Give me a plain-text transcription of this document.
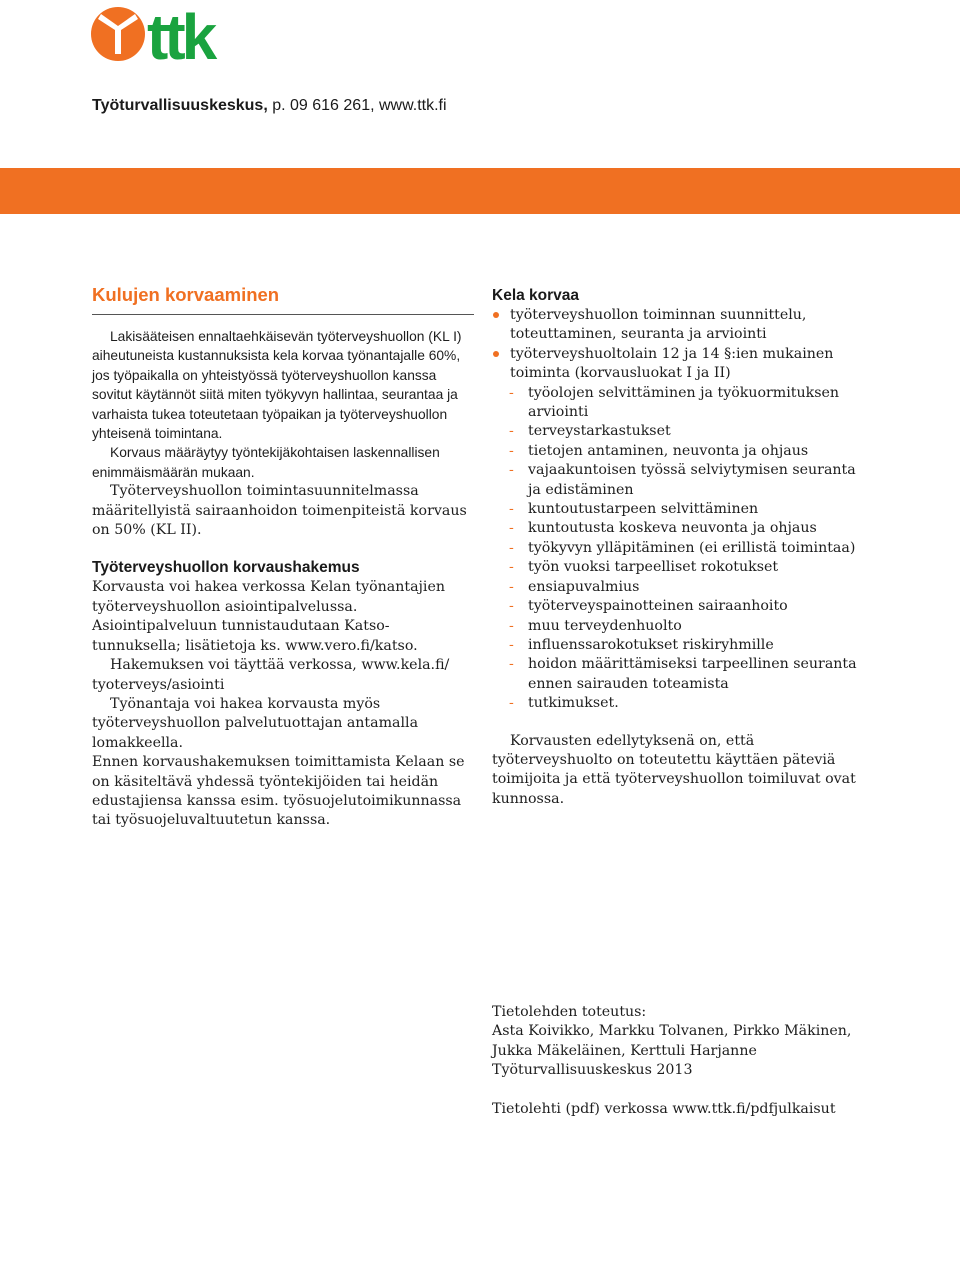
ttk
Työturvallisuuskeskus, p. 09 616 261, www.ttk.fi
Kulujen korvaaminen

Lakisääteisen ennaltaehkäisevän työterveyshuollon (KL I) aiheutuneista kustannuksista kela korvaa työnantajalle 60%, jos työpaikalla on yhteistyössä työterveyshuollon kanssa sovitut käytännöt siitä miten työkyvyn hallintaa, seurantaa ja varhaista tukea toteutetaan työpaikan ja työterveyshuollon yhteisenä toimintana.

Korvaus määräytyy työntekijäkohtaisen laskennallisen enimmäismäärän mukaan.

Työterveyshuollon toimintasuunnitelmassa määritellyistä sairaanhoidon toimenpiteistä korvaus on 50% (KL II).

Työterveyshuollon korvaushakemus

Korvausta voi hakea verkossa Kelan työnantajien työterveyshuollon asiointipalvelussa. Asiointipalveluun tunnistaudutaan Katso-tunnuksella; lisätietoja ks. www.vero.fi/katso.

Hakemuksen voi täyttää verkossa, www.kela.fi/ tyoterveys/asiointi

Työnantaja voi hakea korvausta myös työterveyshuollon palvelutuottajan antamalla lomakkeella.

Ennen korvaushakemuksen toimittamista Kelaan se on käsiteltävä yhdessä työntekijöiden tai heidän edustajiensa kanssa esim. työsuojelutoimikunnassa tai työsuojeluvaltuutetun kanssa.

Kela korvaa
työterveyshuollon toiminnan suunnittelu, toteuttaminen, seuranta ja arviointi
työterveyshuoltolain 12 ja 14 §:ien mukainen toiminta (korvausluokat I ja II)
- työolojen selvittäminen ja työkuormituksen arviointi
- terveystarkastukset
- tietojen antaminen, neuvonta ja ohjaus
- vajaakuntoisen työssä selviytymisen seuranta ja edistäminen
- kuntoutustarpeen selvittäminen
- kuntoutusta koskeva neuvonta ja ohjaus
- työkyvyn ylläpitäminen (ei erillistä toimintaa)
- työn vuoksi tarpeelliset rokotukset
- ensiapuvalmius
- työterveyspainotteinen sairaanhoito
- muu terveydenhuolto
- influenssarokotukset riskiryhmille
- hoidon määrittämiseksi tarpeellinen seuranta ennen sairauden toteamista
- tutkimukset.

Korvausten edellytyksenä on, että työterveyshuolto on toteutettu käyttäen päteviä toimijoita ja että työterveyshuollon toimiluvat ovat kunnossa.

Tietolehden toteutus:

Asta Koivikko, Markku Tolvanen, Pirkko Mäkinen,

Jukka Mäkeläinen, Kerttuli Harjanne

Työturvallisuuskeskus 2013

Tietolehti (pdf) verkossa www.ttk.fi/pdfjulkaisut
